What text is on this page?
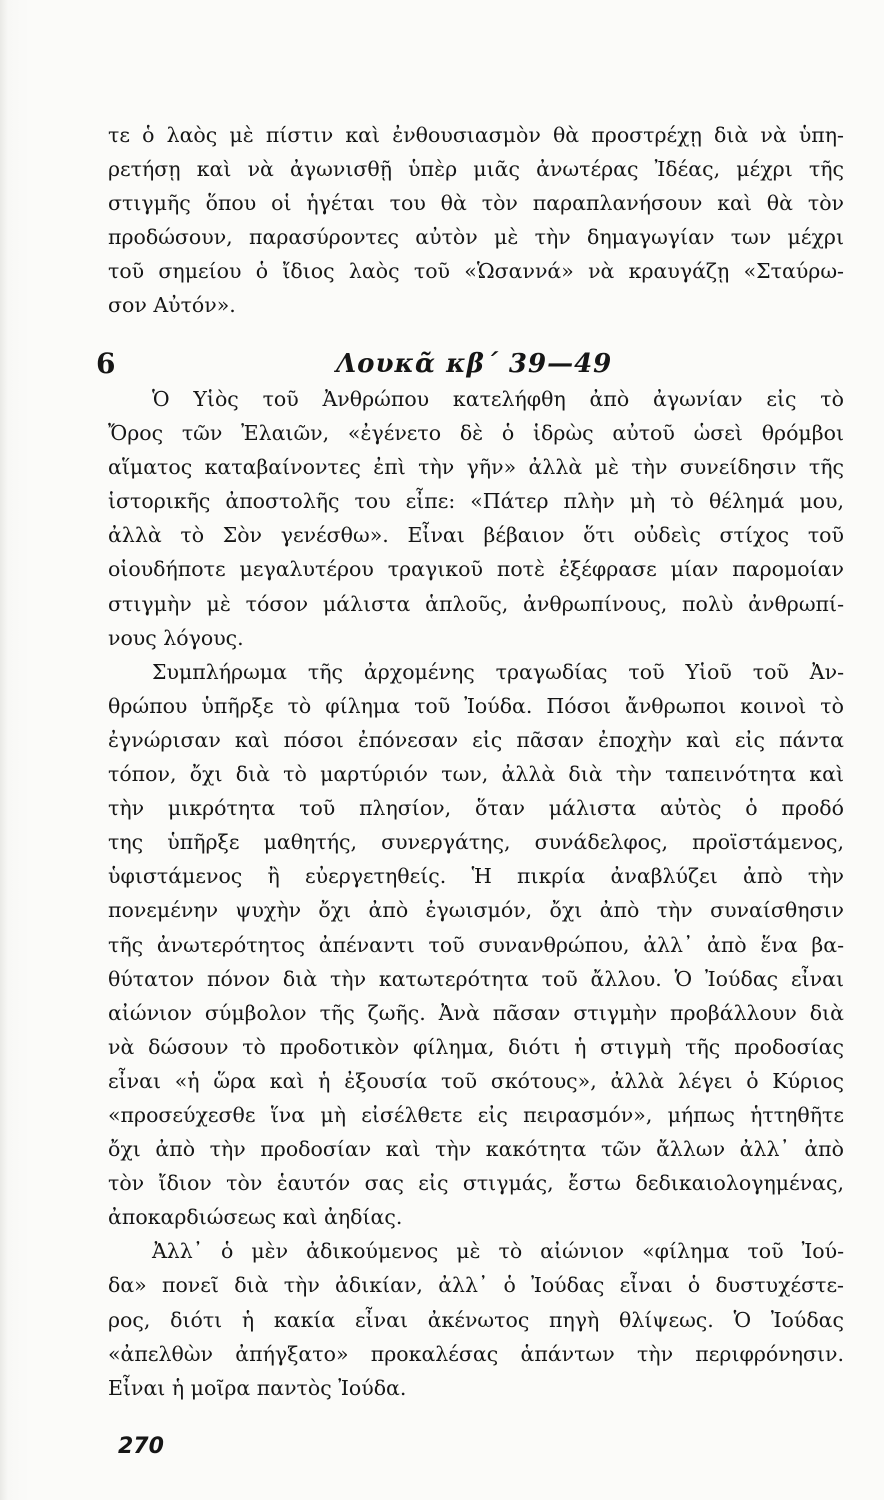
τε ὁ λαὸς μὲ πίστιν καὶ ἐνθουσιασμὸν θὰ προστρέχῃ διὰ νὰ ὑπη-
ρετήσῃ καὶ νὰ ἀγωνισθῇ ὑπὲρ μιᾶς ἀνωτέρας Ἰδέας, μέχρι τῆς
στιγμῆς ὅπου οἱ ἡγέται του θὰ τὸν παραπλανήσουν καὶ θὰ τὸν
προδώσουν, παρασύροντες αὐτὸν μὲ τὴν δημαγωγίαν των μέχρι
τοῦ σημείου ὁ ἴδιος λαὸς τοῦ «Ὡσαννά» νὰ κραυγάζῃ «Σταύρω-
σον Αὐτόν».
6	Λουκᾶ κβ΄ 39—49
Ὁ Υἱὸς τοῦ Ἀνθρώπου κατελήφθη ἀπὸ ἀγωνίαν εἰς τὸ
Ὄρος τῶν Ἐλαιῶν, «ἐγένετο δὲ ὁ ἱδρὼς αὐτοῦ ὡσεὶ θρόμβοι
αἵματος καταβαίνοντες ἐπὶ τὴν γῆν» ἀλλὰ μὲ τὴν συνείδησιν τῆς
ἱστορικῆς ἀποστολῆς του εἶπε: «Πάτερ πλὴν μὴ τὸ θέλημά μου,
ἀλλὰ τὸ Σὸν γενέσθω». Εἶναι βέβαιον ὅτι οὐδεὶς στίχος τοῦ
οἱουδήποτε μεγαλυτέρου τραγικοῦ ποτὲ ἐξέφρασε μίαν παρομοίαν
στιγμὴν μὲ τόσον μάλιστα ἁπλοῦς, ἀνθρωπίνους, πολὺ ἀνθρωπί-
νους λόγους.
Συμπλήρωμα τῆς ἀρχομένης τραγωδίας τοῦ Υἱοῦ τοῦ Ἀν-
θρώπου ὑπῆρξε τὸ φίλημα τοῦ Ἰούδα. Πόσοι ἄνθρωποι κοινοὶ τὸ
ἐγνώρισαν καὶ πόσοι ἐπόνεσαν εἰς πᾶσαν ἐποχὴν καὶ εἰς πάντα
τόπον, ὄχι διὰ τὸ μαρτύριόν των, ἀλλὰ διὰ τὴν ταπεινότητα καὶ
τὴν μικρότητα τοῦ πλησίον, ὅταν μάλιστα αὐτὸς ὁ προδό
της ὑπῆρξε μαθητής, συνεργάτης, συνάδελφος, προϊστάμενος,
ὑφιστάμενος ἢ εὐεργετηθείς. Ἡ πικρία ἀναβλύζει ἀπὸ τὴν
πονεμένην ψυχὴν ὄχι ἀπὸ ἐγωισμόν, ὄχι ἀπὸ τὴν συναίσθησιν
τῆς ἀνωτερότητος ἀπέναντι τοῦ συνανθρώπου, ἀλλ᾽ ἀπὸ ἕνα βα-
θύτατον πόνον διὰ τὴν κατωτερότητα τοῦ ἄλλου. Ὁ Ἰούδας εἶναι
αἰώνιον σύμβολον τῆς ζωῆς. Ἀνὰ πᾶσαν στιγμὴν προβάλλουν διὰ
νὰ δώσουν τὸ προδοτικὸν φίλημα, διότι ἡ στιγμὴ τῆς προδοσίας
εἶναι «ἡ ὥρα καὶ ἡ ἐξουσία τοῦ σκότους», ἀλλὰ λέγει ὁ Κύριος
«προσεύχεσθε ἵνα μὴ εἰσέλθετε εἰς πειρασμόν», μήπως ἡττηθῆτε
ὄχι ἀπὸ τὴν προδοσίαν καὶ τὴν κακότητα τῶν ἄλλων ἀλλ᾽ ἀπὸ
τὸν ἴδιον τὸν ἑαυτόν σας εἰς στιγμάς, ἔστω δεδικαιολογημένας,
ἀποκαρδιώσεως καὶ ἀηδίας.
Ἀλλ᾽ ὁ μὲν ἀδικούμενος μὲ τὸ αἰώνιον «φίλημα τοῦ Ἰού-
δα» πονεῖ διὰ τὴν ἀδικίαν, ἀλλ᾽ ὁ Ἰούδας εἶναι ὁ δυστυχέστε-
ρος, διότι ἡ κακία εἶναι ἀκένωτος πηγὴ θλίψεως. Ὁ Ἰούδας
«ἀπελθὼν ἀπήγξατο» προκαλέσας ἁπάντων τὴν περιφρόνησιν.
Εἶναι ἡ μοῖρα παντὸς Ἰούδα.
270
